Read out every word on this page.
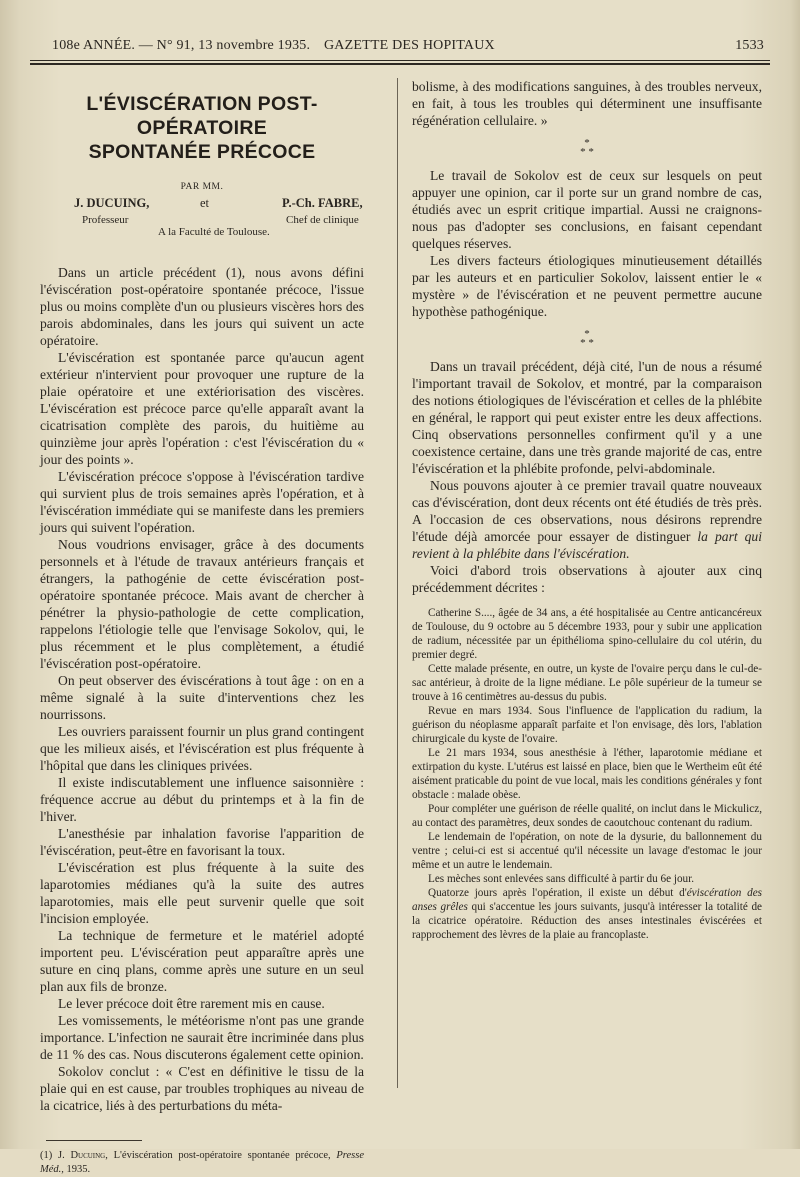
108e ANNÉE. — N° 91, 13 novembre 1935. GAZETTE DES HOPITAUX	1533
L'ÉVISCÉRATION POST-OPÉRATOIRE
SPONTANÉE PRÉCOCE
PAR MM.
J. DUCUING,	et	P.-Ch. FABRE,
Professeur	Chef de clinique
A la Faculté de Toulouse.

Dans un article précédent (1), nous avons défini l'éviscération post-opératoire spontanée précoce, l'issue plus ou moins complète d'un ou plusieurs viscères hors des parois abdominales, dans les jours qui suivent un acte opératoire.

L'éviscération est spontanée parce qu'aucun agent extérieur n'intervient pour provoquer une rupture de la plaie opératoire et une extériorisation des viscères. L'éviscération est précoce parce qu'elle apparaît avant la cicatrisation complète des parois, du huitième au quinzième jour après l'opération : c'est l'éviscération du « jour des points ».

L'éviscération précoce s'oppose à l'éviscération tardive qui survient plus de trois semaines après l'opération, et à l'éviscération immédiate qui se manifeste dans les premiers jours qui suivent l'opération.

Nous voudrions envisager, grâce à des documents personnels et à l'étude de travaux antérieurs français et étrangers, la pathogénie de cette éviscération post-opératoire spontanée précoce. Mais avant de chercher à pénétrer la physio-pathologie de cette complication, rappelons l'étiologie telle que l'envisage Sokolov, qui, le plus récemment et le plus complètement, a étudié l'éviscération post-opératoire.

On peut observer des éviscérations à tout âge : on en a même signalé à la suite d'interventions chez les nourrissons.

Les ouvriers paraissent fournir un plus grand contingent que les milieux aisés, et l'éviscération est plus fréquente à l'hôpital que dans les cliniques privées.

Il existe indiscutablement une influence saisonnière : fréquence accrue au début du printemps et à la fin de l'hiver.

L'anesthésie par inhalation favorise l'apparition de l'éviscération, peut-être en favorisant la toux.

L'éviscération est plus fréquente à la suite des laparotomies médianes qu'à la suite des autres laparotomies, mais elle peut survenir quelle que soit l'incision employée.

La technique de fermeture et le matériel adopté importent peu. L'éviscération peut apparaître après une suture en cinq plans, comme après une suture en un seul plan aux fils de bronze.

Le lever précoce doit être rarement mis en cause.

Les vomissements, le météorisme n'ont pas une grande importance. L'infection ne saurait être incriminée dans plus de 11 % des cas. Nous discuterons également cette opinion.

Sokolov conclut : « C'est en définitive le tissu de la plaie qui en est cause, par troubles trophiques au niveau de la cicatrice, liés à des perturbations du méta-

(1) J. Ducuing, L'éviscération post-opératoire spontanée précoce, Presse Méd., 1935.

bolisme, à des modifications sanguines, à des troubles nerveux, en fait, à tous les troubles qui déterminent une insuffisante régénération cellulaire. »

*
* *

Le travail de Sokolov est de ceux sur lesquels on peut appuyer une opinion, car il porte sur un grand nombre de cas, étudiés avec un esprit critique impartial. Aussi ne craignons-nous pas d'adopter ses conclusions, en faisant cependant quelques réserves.

Les divers facteurs étiologiques minutieusement détaillés par les auteurs et en particulier Sokolov, laissent entier le « mystère » de l'éviscération et ne peuvent permettre aucune hypothèse pathogénique.

*
* *

Dans un travail précédent, déjà cité, l'un de nous a résumé l'important travail de Sokolov, et montré, par la comparaison des notions étiologiques de l'éviscération et celles de la phlébite en général, le rapport qui peut exister entre les deux affections. Cinq observations personnelles confirment qu'il y a une coexistence certaine, dans une très grande majorité de cas, entre l'éviscération et la phlébite profonde, pelvi-abdominale.

Nous pouvons ajouter à ce premier travail quatre nouveaux cas d'éviscération, dont deux récents ont été étudiés de très près. A l'occasion de ces observations, nous désirons reprendre l'étude déjà amorcée pour essayer de distinguer la part qui revient à la phlébite dans l'éviscération.

Voici d'abord trois observations à ajouter aux cinq précédemment décrites :

Catherine S...., âgée de 34 ans, a été hospitalisée au Centre anticancéreux de Toulouse, du 9 octobre au 5 décembre 1933, pour y subir une application de radium, nécessitée par un épithélioma spino-cellulaire du col utérin, du premier degré.

Cette malade présente, en outre, un kyste de l'ovaire perçu dans le cul-de-sac antérieur, à droite de la ligne médiane. Le pôle supérieur de la tumeur se trouve à 16 centimètres au-dessus du pubis.

Revue en mars 1934. Sous l'influence de l'application du radium, la guérison du néoplasme apparaît parfaite et l'on envisage, dès lors, l'ablation chirurgicale du kyste de l'ovaire.

Le 21 mars 1934, sous anesthésie à l'éther, laparotomie médiane et extirpation du kyste. L'utérus est laissé en place, bien que le Wertheim eût été aisément praticable du point de vue local, mais les conditions générales y font obstacle : malade obèse.

Pour compléter une guérison de réelle qualité, on inclut dans le Mickulicz, au contact des paramètres, deux sondes de caoutchouc contenant du radium.

Le lendemain de l'opération, on note de la dysurie, du ballonnement du ventre ; celui-ci est si accentué qu'il nécessite un lavage d'estomac le jour même et un autre le lendemain.

Les mèches sont enlevées sans difficulté à partir du 6e jour.

Quatorze jours après l'opération, il existe un début d'éviscération des anses grêles qui s'accentue les jours suivants, jusqu'à intéresser la totalité de la cicatrice opératoire. Réduction des anses intestinales éviscérées et rapprochement des lèvres de la plaie au francoplaste.
